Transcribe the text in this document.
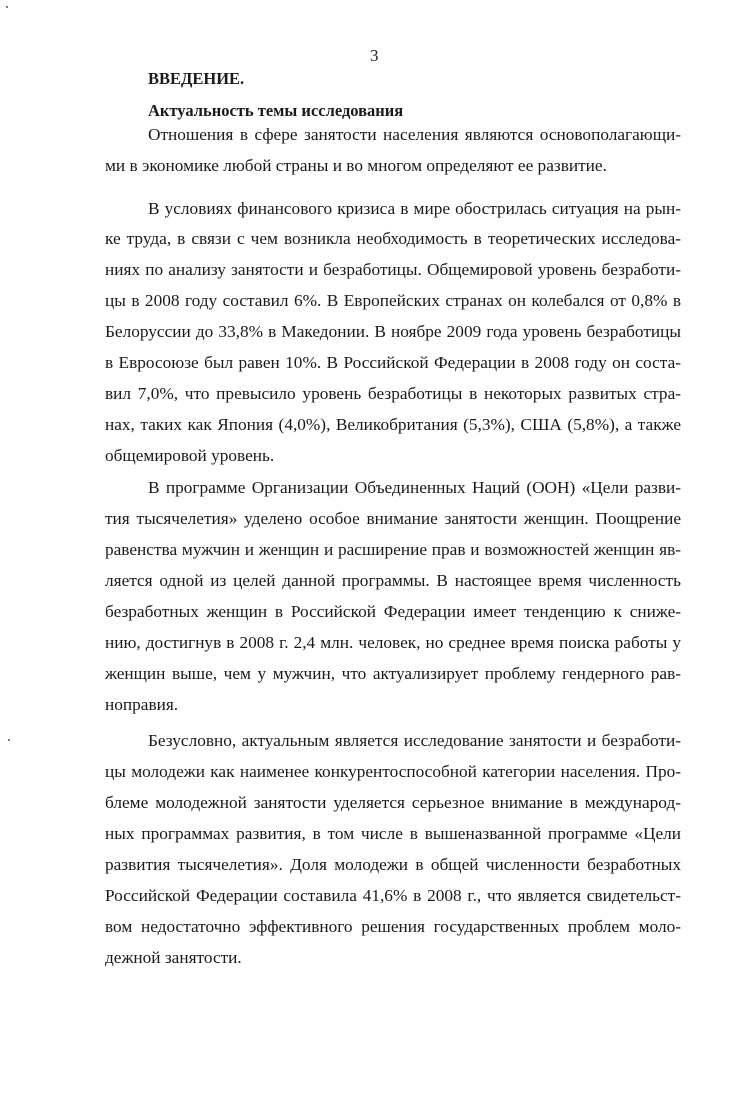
3
ВВЕДЕНИЕ.
Актуальность темы исследования
Отношения в сфере занятости населения являются основополагающи-
ми в экономике любой страны и во многом определяют ее развитие.
В условиях финансового кризиса в мире обострилась ситуация на рын-
ке труда, в связи с чем возникла необходимость в теоретических исследова-
ниях по анализу занятости и безработицы. Общемировой уровень безработи-
цы в 2008 году составил 6%. В Европейских странах он колебался от 0,8% в
Белоруссии до 33,8% в Македонии. В ноябре 2009 года уровень безработицы
в Евросоюзе был равен 10%. В Российской Федерации в 2008 году он соста-
вил 7,0%, что превысило уровень безработицы в некоторых развитых стра-
нах, таких как Япония (4,0%), Великобритания (5,3%), США (5,8%), а также
общемировой уровень.
В программе Организации Объединенных Наций (ООН) «Цели разви-
тия тысячелетия» уделено особое внимание занятости женщин. Поощрение
равенства мужчин и женщин и расширение прав и возможностей женщин яв-
ляется одной из целей данной программы. В настоящее время численность
безработных женщин в Российской Федерации имеет тенденцию к сниже-
нию, достигнув в 2008 г. 2,4 млн. человек, но среднее время поиска работы у
женщин выше, чем у мужчин, что актуализирует проблему гендерного рав-
ноправия.
Безусловно, актуальным является исследование занятости и безработи-
цы молодежи как наименее конкурентоспособной категории населения. Про-
блеме молодежной занятости уделяется серьезное внимание в международ-
ных программах развития, в том числе в вышеназванной программе «Цели
развития тысячелетия». Доля молодежи в общей численности безработных
Российской Федерации составила 41,6% в 2008 г., что является свидетельст-
вом недостаточно эффективного решения государственных проблем моло-
дежной занятости.
